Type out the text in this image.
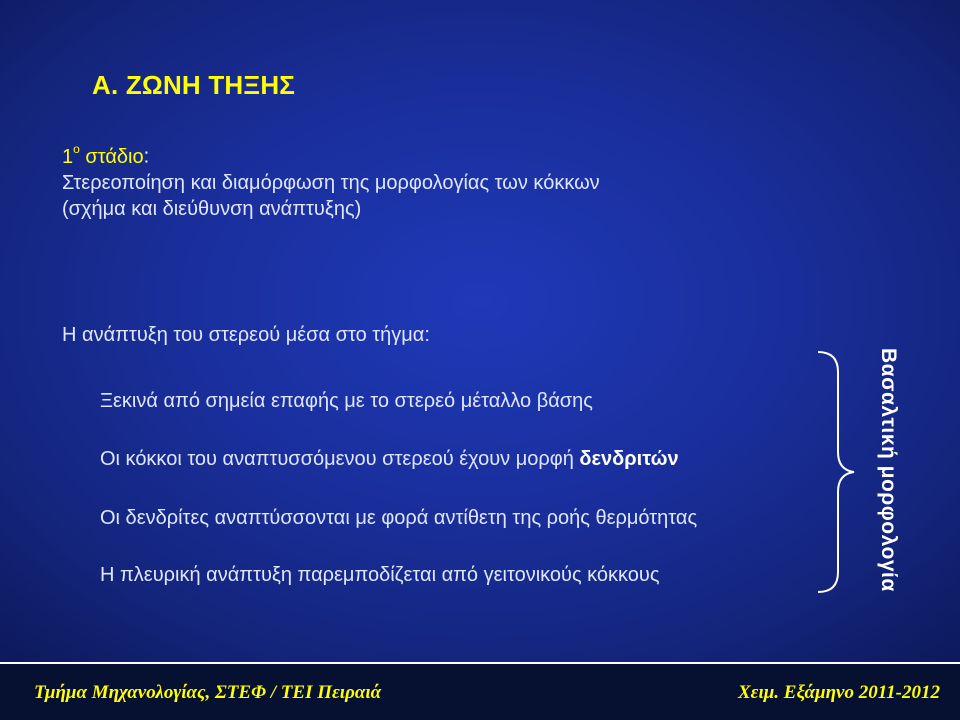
Α. ΖΩΝΗ ΤΗΞΗΣ
$1^o$ στάδιο:
Στερεοποίηση και διαμόρφωση της μορφολογίας των κόκκων
(σχήμα και διεύθυνση ανάπτυξης)
Η ανάπτυξη του στερεού μέσα στο τήγμα:
Ξεκινά από σημεία επαφής με το στερεό μέταλλο βάσης
Οι κόκκοι του αναπτυσσόμενου στερεού έχουν μορφή δενδριτών
Οι δενδρίτες αναπτύσσονται με φορά αντίθετη της ροής θερμότητας
Η πλευρική ανάπτυξη παρεμποδίζεται από γειτονικούς κόκκους	Βασαλτική μορφολογία
Τμήμα Μηχανολογίας, ΣΤΕΦ / ΤΕΙ Πειραιά	Χειμ. Εξάμηνο 2011-2012
